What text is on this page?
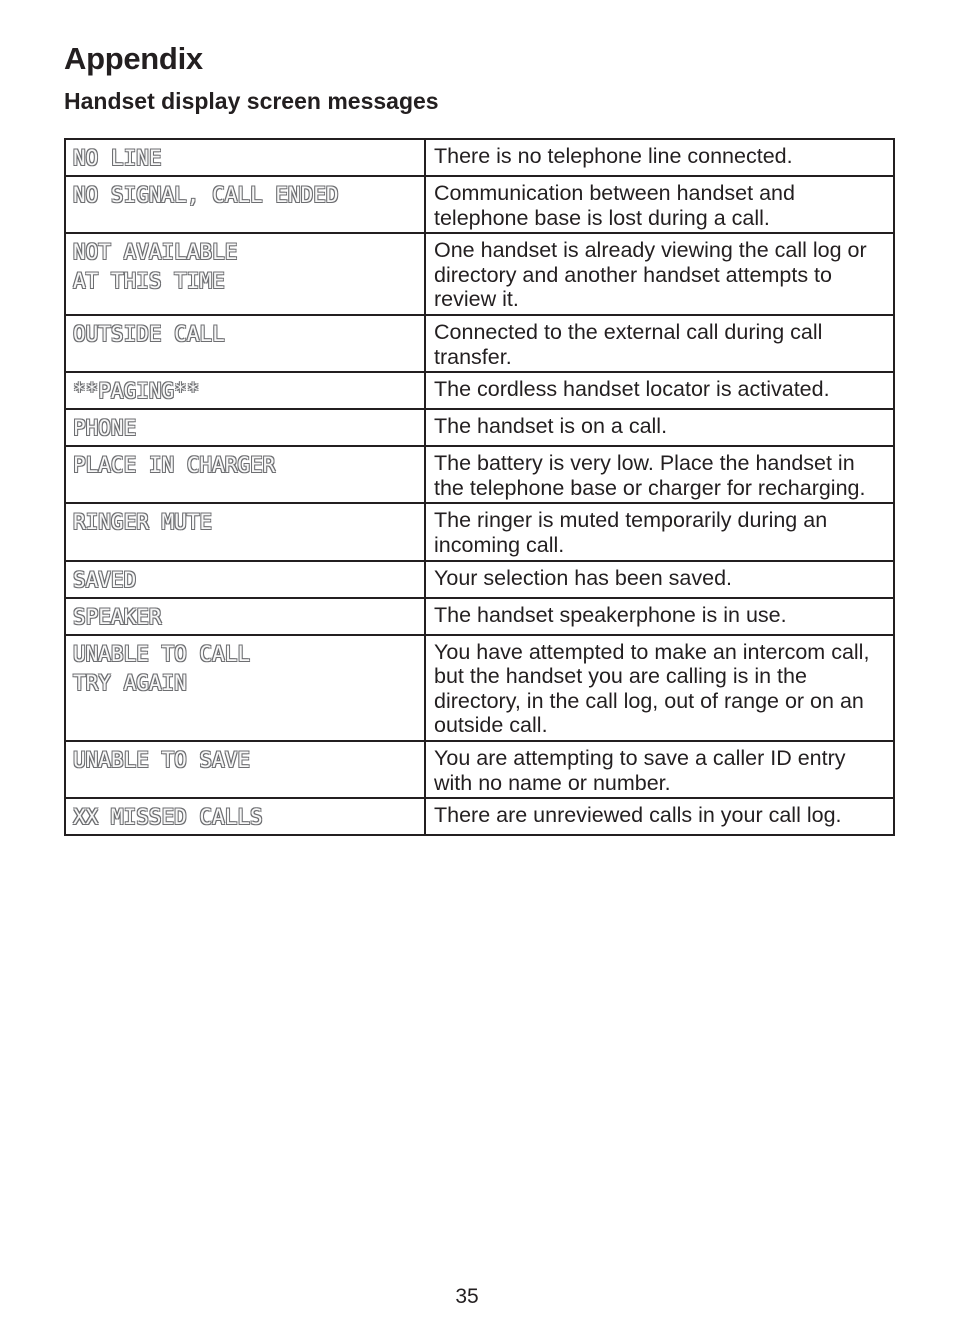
Appendix
Handset display screen messages
NO LINE	There is no telephone line connected.

NO SIGNAL, CALL ENDED	Communication between handset and telephone base is lost during a call.

NOT AVAILABLE
AT THIS TIME	One handset is already viewing the call log or directory and another handset attempts to review it.

OUTSIDE CALL	Connected to the external call during call transfer.

**PAGING**	The cordless handset locator is activated.

PHONE	The handset is on a call.

PLACE IN CHARGER	The battery is very low. Place the handset in the telephone base or charger for recharging.

RINGER MUTE	The ringer is muted temporarily during an incoming call.

SAVED	Your selection has been saved.

SPEAKER	The handset speakerphone is in use.

UNABLE TO CALL
TRY AGAIN	You have attempted to make an intercom call, but the handset you are calling is in the directory, in the call log, out of range or on an outside call.

UNABLE TO SAVE	You are attempting to save a caller ID entry with no name or number.

XX MISSED CALLS	There are unreviewed calls in your call log.
35
